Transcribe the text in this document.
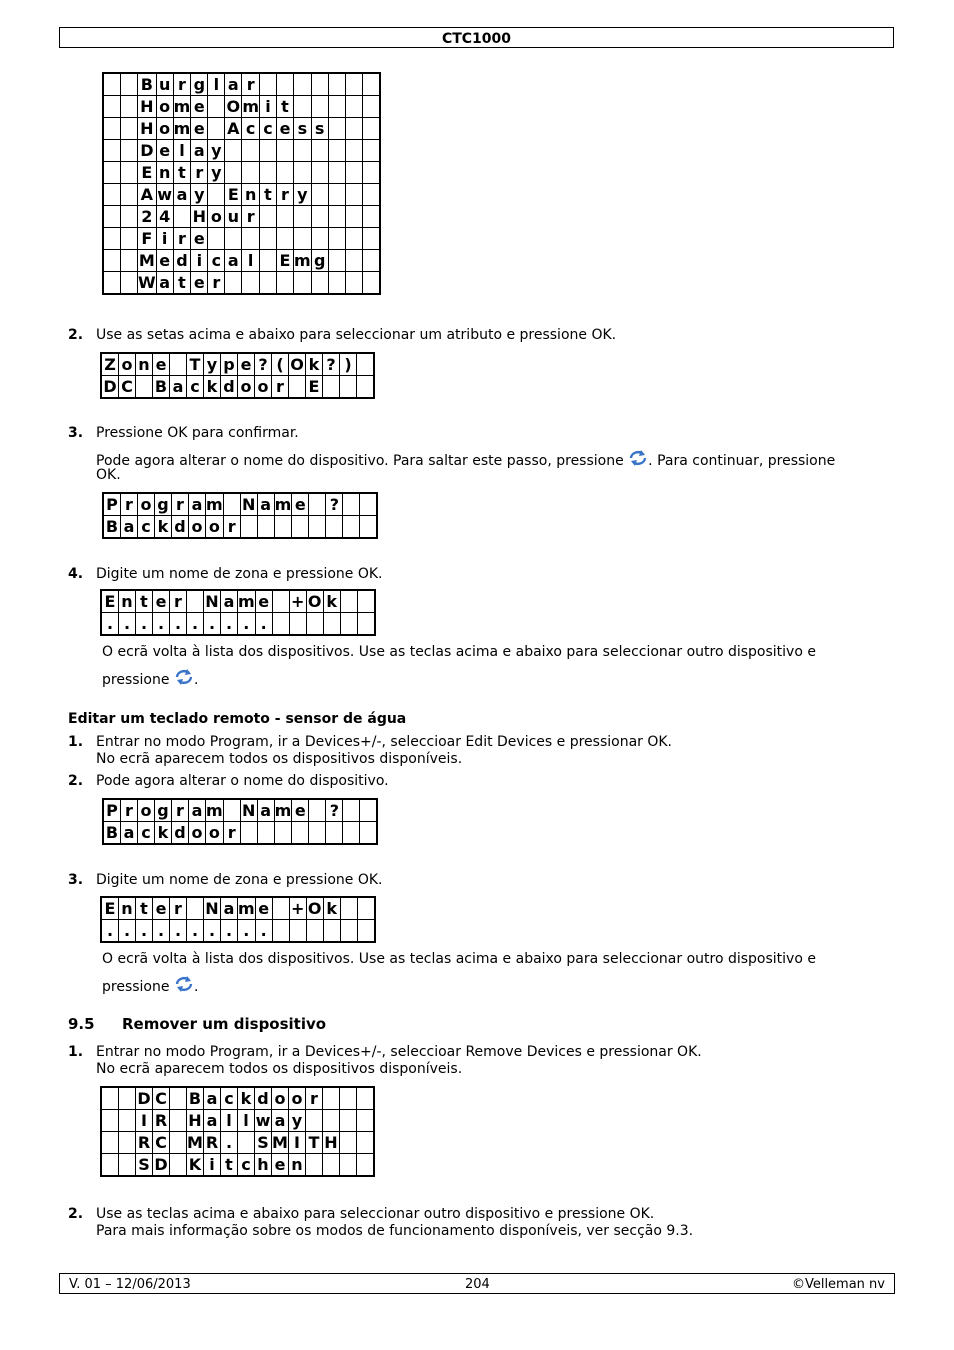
CTC1000
		B	u	r	g	l	a	r							
		H	o	m	e		O	m	i	t					
		H	o	m	e		A	c	c	e	s	s			
		D	e	l	a	y									
		E	n	t	r	y									
		A	w	a	y		E	n	t	r	y				
		2	4		H	o	u	r							
		F	i	r	e										
		M	e	d	i	c	a	l		E	m	g			
		W	a	t	e	r									
2. Use as setas acima e abaixo para seleccionar um atributo e pressione OK.
Z	o	n	e		T	y	p	e	?	(	O	k	?	)	
D	C		B	a	c	k	d	o	o	r		E			
3. Pressione OK para confirmar.
Pode agora alterar o nome do dispositivo. Para saltar este passo, pressione . Para continuar, pressione
OK.
P	r	o	g	r	a	m		N	a	m	e		?		
B	a	c	k	d	o	o	r								
4. Digite um nome de zona e pressione OK.
E	n	t	e	r		N	a	m	e		+	O	k		
.	.	.	.	.	.	.	.	.	.						
O ecrã volta à lista dos dispositivos. Use as teclas acima e abaixo para seleccionar outro dispositivo e
pressione .
Editar um teclado remoto - sensor de água
1. Entrar no modo Program, ir a Devices+/-, seleccioar Edit Devices e pressionar OK.
No ecrã aparecem todos os dispositivos disponíveis.
2. Pode agora alterar o nome do dispositivo.
P	r	o	g	r	a	m		N	a	m	e		?		
B	a	c	k	d	o	o	r								
3. Digite um nome de zona e pressione OK.
E	n	t	e	r		N	a	m	e		+	O	k		
.	.	.	.	.	.	.	.	.	.						
O ecrã volta à lista dos dispositivos. Use as teclas acima e abaixo para seleccionar outro dispositivo e
pressione .
9.5 Remover um dispositivo
1. Entrar no modo Program, ir a Devices+/-, seleccioar Remove Devices e pressionar OK.
No ecrã aparecem todos os dispositivos disponíveis.
		D	C		B	a	c	k	d	o	o	r			
		I	R		H	a	l	l	w	a	y				
		R	C		M	R	.		S	M	I	T	H		
		S	D		K	i	t	c	h	e	n				
2. Use as teclas acima e abaixo para seleccionar outro dispositivo e pressione OK.
Para mais informação sobre os modos de funcionamento disponíveis, ver secção 9.3.
V. 01 – 12/06/2013	204	©Velleman nv
